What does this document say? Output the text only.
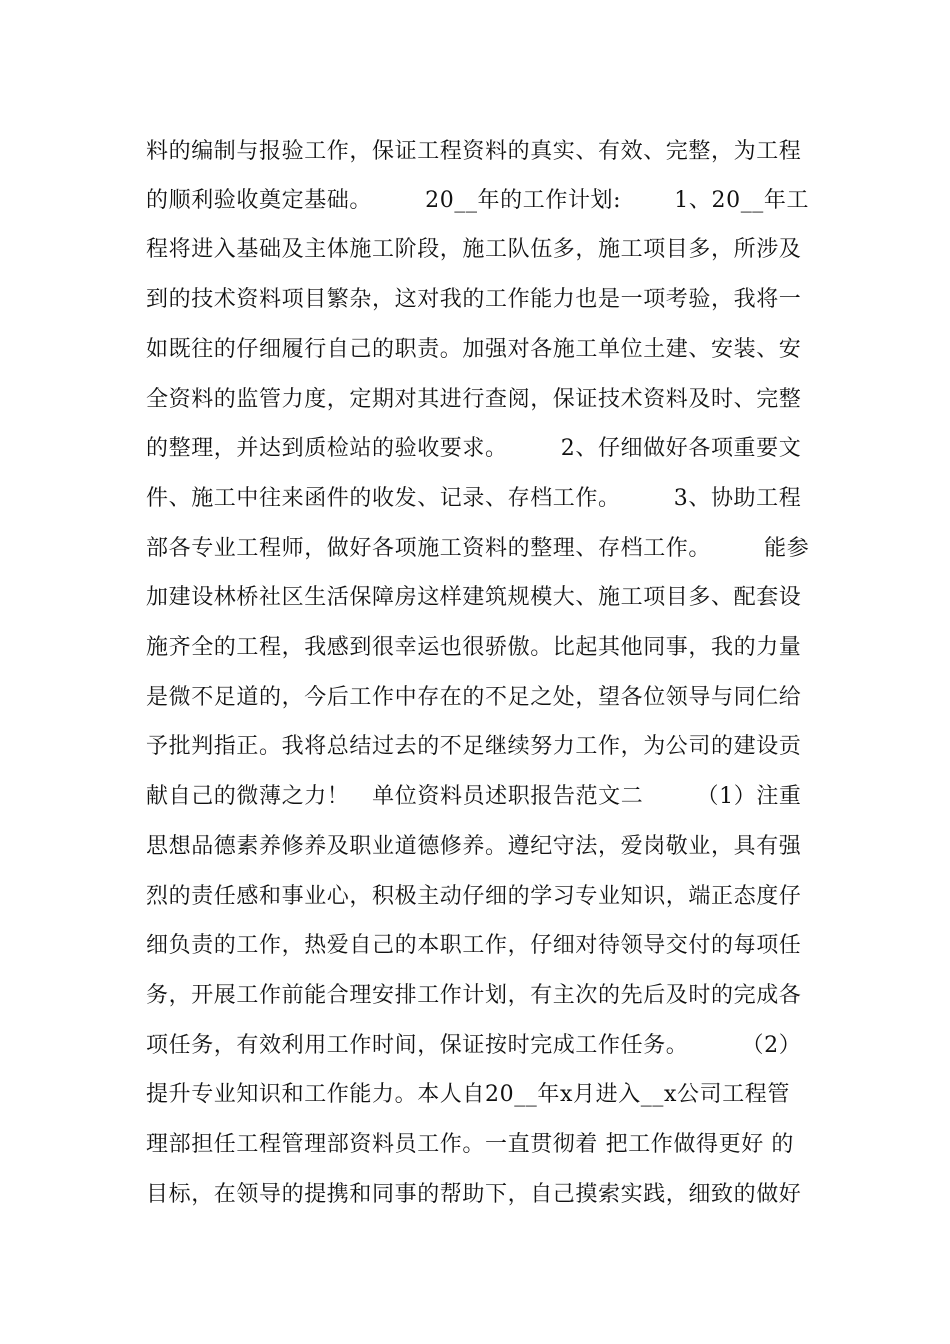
料的编制与报验工作，保证工程资料的真实、有效、完整，为工程
的顺利验收奠定基础。       20__年的工作计划:       1、20__年工
程将进入基础及主体施工阶段，施工队伍多，施工项目多，所涉及
到的技术资料项目繁杂，这对我的工作能力也是一项考验，我将一
如既往的仔细履行自己的职责。加强对各施工单位土建、安装、安
全资料的监管力度，定期对其进行查阅，保证技术资料及时、完整
的整理，并达到质检站的验收要求。       2、仔细做好各项重要文
件、施工中往来函件的收发、记录、存档工作。       3、协助工程
部各专业工程师，做好各项施工资料的整理、存档工作。       能参
加建设林桥社区生活保障房这样建筑规模大、施工项目多、配套设
施齐全的工程，我感到很幸运也很骄傲。比起其他同事，我的力量
是微不足道的，今后工作中存在的不足之处，望各位领导与同仁给
予批判指正。我将总结过去的不足继续努力工作，为公司的建设贡
献自己的微薄之力！   单位资料员述职报告范文二       （1）注重
思想品德素养修养及职业道德修养。遵纪守法，爱岗敬业，具有强
烈的责任感和事业心，积极主动仔细的学习专业知识，端正态度仔
细负责的工作，热爱自己的本职工作，仔细对待领导交付的每项任
务，开展工作前能合理安排工作计划，有主次的先后及时的完成各
项任务，有效利用工作时间，保证按时完成工作任务。       （2）
提升专业知识和工作能力。本人自20__年x月进入__x公司工程管
理部担任工程管理部资料员工作。一直贯彻着 把工作做得更好 的
目标，在领导的提携和同事的帮助下，自己摸索实践，细致的做好
